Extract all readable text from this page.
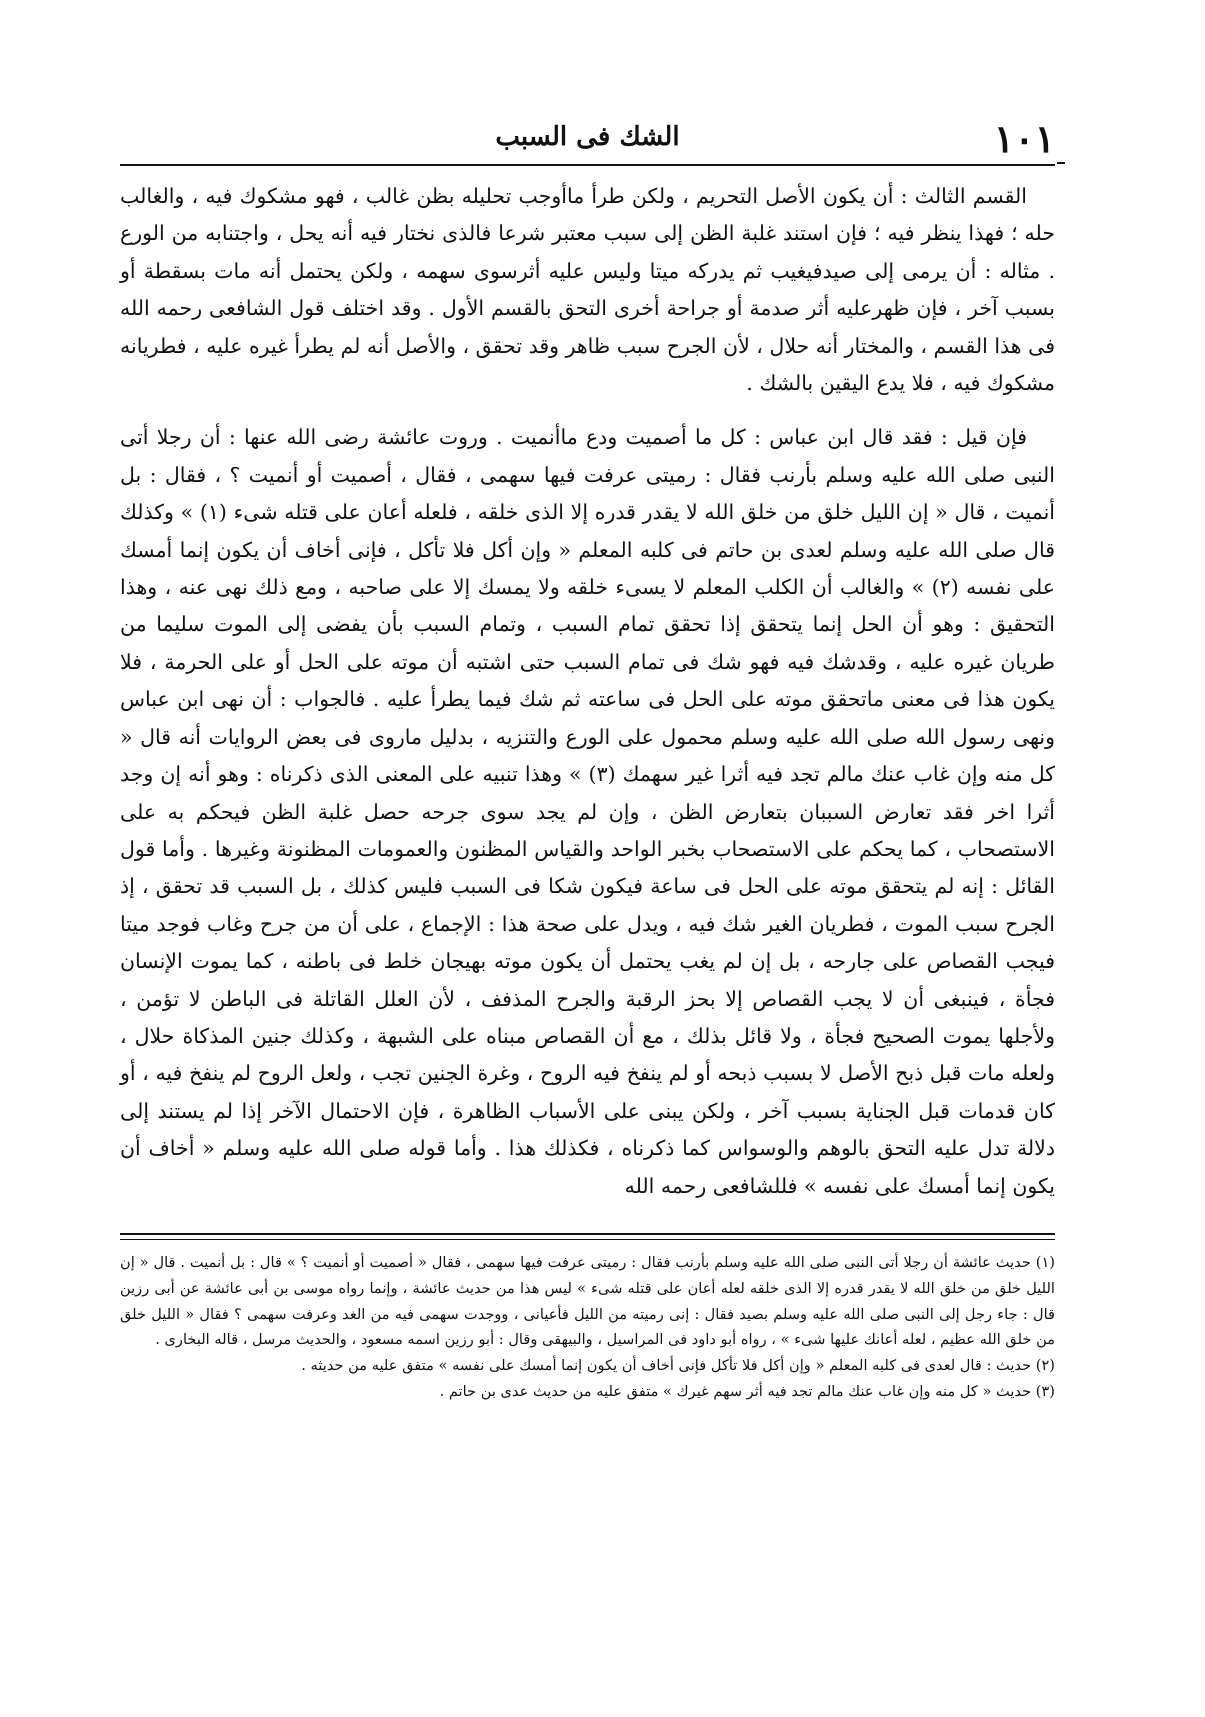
١٠١
الشك فى السبب

القسم الثالث : أن يكون الأصل التحريم ، ولكن طرأ ماأوجب تحليله بظن غالب ، فهو مشكوك فيه ، والغالب حله ؛ فهذا ينظر فيه ؛ فإن استند غلبة الظن إلى سبب معتبر شرعا فالذى نختار فيه أنه يحل ، واجتنابه من الورع . مثاله : أن يرمى إلى صيدفيغيب ثم يدركه ميتا وليس عليه أثرسوى سهمه ، ولكن يحتمل أنه مات بسقطة أو بسبب آخر ، فإن ظهرعليه أثر صدمة أو جراحة أخرى التحق بالقسم الأول . وقد اختلف قول الشافعى رحمه الله فى هذا القسم ، والمختار أنه حلال ، لأن الجرح سبب ظاهر وقد تحقق ، والأصل أنه لم يطرأ غيره عليه ، فطريانه مشكوك فيه ، فلا يدع اليقين بالشك .

فإن قيل : فقد قال ابن عباس : كل ما أصميت ودع ماأنميت . وروت عائشة رضى الله عنها : أن رجلا أتى النبى صلى الله عليه وسلم بأرنب فقال : رميتى عرفت فيها سهمى ، فقال ، أصميت أو أنميت ؟ ، فقال : بل أنميت ، قال « إن الليل خلق من خلق الله لا يقدر قدره إلا الذى خلقه ، فلعله أعان على قتله شىء (١) » وكذلك قال صلى الله عليه وسلم لعدى بن حاتم فى كلبه المعلم « وإن أكل فلا تأكل ، فإنى أخاف أن يكون إنما أمسك على نفسه (٢) » والغالب أن الكلب المعلم لا يسىء خلقه ولا يمسك إلا على صاحبه ، ومع ذلك نهى عنه ، وهذا التحقيق : وهو أن الحل إنما يتحقق إذا تحقق تمام السبب ، وتمام السبب بأن يفضى إلى الموت سليما من طريان غيره عليه ، وقدشك فيه فهو شك فى تمام السبب حتى اشتبه أن موته على الحل أو على الحرمة ، فلا يكون هذا فى معنى ماتحقق موته على الحل فى ساعته ثم شك فيما يطرأ عليه . فالجواب : أن نهى ابن عباس ونهى رسول الله صلى الله عليه وسلم محمول على الورع والتنزيه ، بدليل ماروى فى بعض الروايات أنه قال « كل منه وإن غاب عنك مالم تجد فيه أثرا غير سهمك (٣) » وهذا تنبيه على المعنى الذى ذكرناه : وهو أنه إن وجد أثرا اخر فقد تعارض السببان بتعارض الظن ، وإن لم يجد سوى جرحه حصل غلبة الظن فيحكم به على الاستصحاب ، كما يحكم على الاستصحاب بخبر الواحد والقياس المظنون والعمومات المظنونة وغيرها . وأما قول القائل : إنه لم يتحقق موته على الحل فى ساعة فيكون شكا فى السبب فليس كذلك ، بل السبب قد تحقق ، إذ الجرح سبب الموت ، فطريان الغير شك فيه ، ويدل على صحة هذا : الإجماع ، على أن من جرح وغاب فوجد ميتا فيجب القصاص على جارحه ، بل إن لم يغب يحتمل أن يكون موته بهيجان خلط فى باطنه ، كما يموت الإنسان فجأة ، فينبغى أن لا يجب القصاص إلا بحز الرقبة والجرح المذفف ، لأن العلل القاتلة فى الباطن لا تؤمن ، ولأجلها يموت الصحيح فجأة ، ولا قائل بذلك ، مع أن القصاص مبناه على الشبهة ، وكذلك جنين المذكاة حلال ، ولعله مات قبل ذبح الأصل لا بسبب ذبحه أو لم ينفخ فيه الروح ، وغرة الجنين تجب ، ولعل الروح لم ينفخ فيه ، أو كان قدمات قبل الجناية بسبب آخر ، ولكن يبنى على الأسباب الظاهرة ، فإن الاحتمال الآخر إذا لم يستند إلى دلالة تدل عليه التحق بالوهم والوسواس كما ذكرناه ، فكذلك هذا . وأما قوله صلى الله عليه وسلم « أخاف أن يكون إنما أمسك على نفسه » فللشافعى رحمه الله

(١) حديث عائشة أن رجلا أتى النبى صلى الله عليه وسلم بأرنب فقال : رميتى عرفت فيها سهمى ، فقال « أصميت أو أنميت ؟ » قال : بل أنميت . قال « إن الليل خلق من خلق الله لا يقدر قدره إلا الذى خلقه لعله أعان على قتله شىء » ليس هذا من حديث عائشة ، وإنما رواه موسى بن أبى عائشة عن أبى رزين قال : جاء رجل إلى النبى صلى الله عليه وسلم بصيد فقال : إنى رميته من الليل فأعيانى ، ووجدت سهمى فيه من الغد وعرفت سهمى ؟ فقال « الليل خلق من خلق الله عظيم ، لعله أعانك عليها شىء » ، رواه أبو داود فى المراسيل ، والبيهقى وقال : أبو رزين اسمه مسعود ، والحديث مرسل ، قاله البخارى .

(٢) حديث : قال لعدى فى كلبه المعلم « وإن أكل فلا تأكل فإنى أخاف أن يكون إنما أمسك على نفسه » متفق عليه من حديثه .

(٣) حديث « كل منه وإن غاب عنك مالم تجد فيه أثر سهم غيرك » متفق عليه من حديث عدى بن حاتم .
